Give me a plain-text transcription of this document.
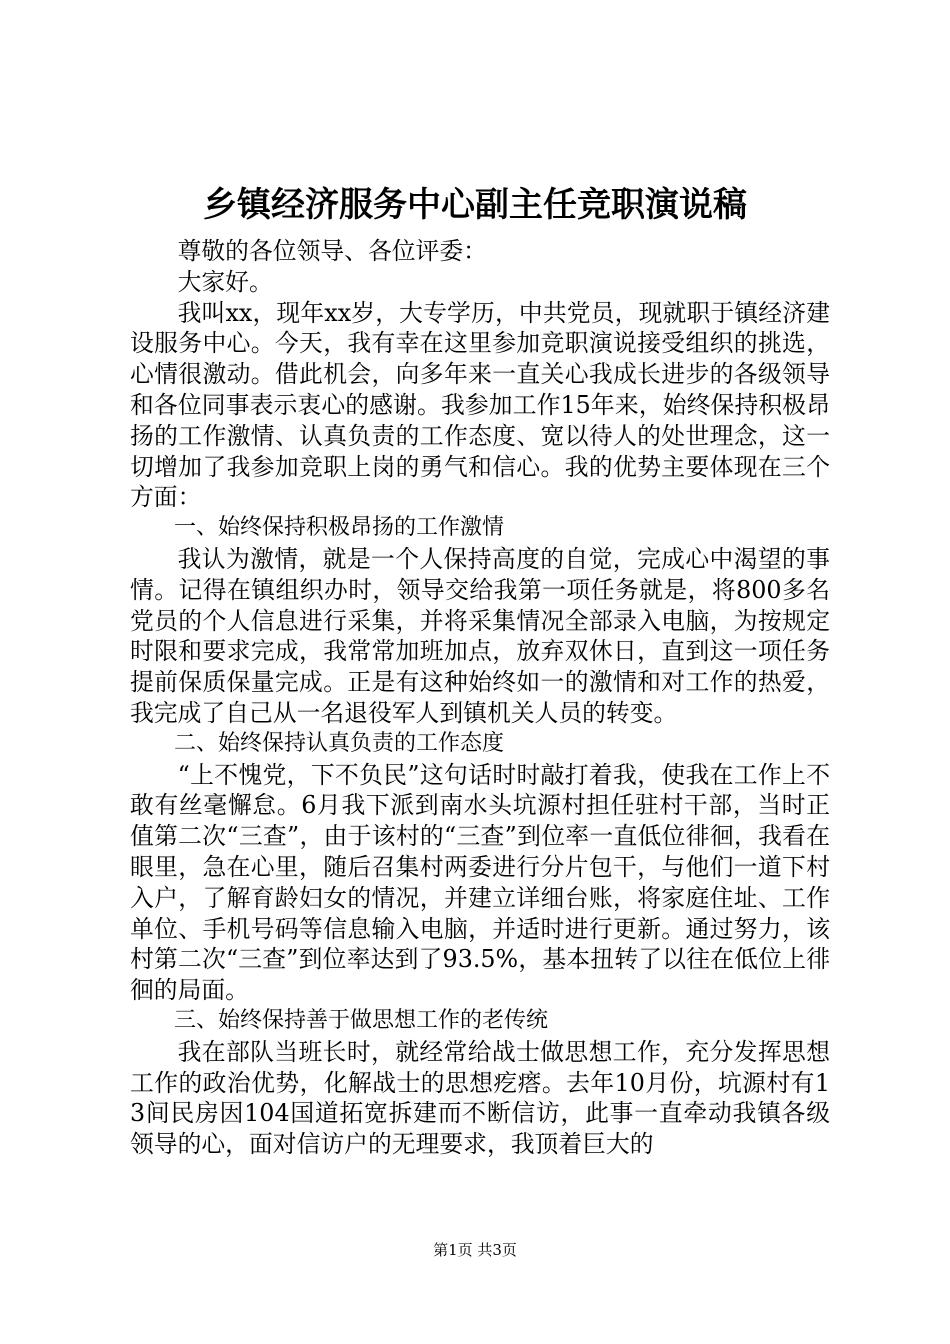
乡镇经济服务中心副主任竞职演说稿

尊敬的各位领导、各位评委：

大家好。

我叫xx，现年xx岁，大专学历，中共党员，现就职于镇经济建设服务中心。今天，我有幸在这里参加竞职演说接受组织的挑选，心情很激动。借此机会，向多年来一直关心我成长进步的各级领导和各位同事表示衷心的感谢。我参加工作15年来，始终保持积极昂扬的工作激情、认真负责的工作态度、宽以待人的处世理念，这一切增加了我参加竞职上岗的勇气和信心。我的优势主要体现在三个方面：

一、始终保持积极昂扬的工作激情

我认为激情，就是一个人保持高度的自觉，完成心中渴望的事情。记得在镇组织办时，领导交给我第一项任务就是，将800多名党员的个人信息进行采集，并将采集情况全部录入电脑，为按规定时限和要求完成，我常常加班加点，放弃双休日，直到这一项任务提前保质保量完成。正是有这种始终如一的激情和对工作的热爱，我完成了自己从一名退役军人到镇机关人员的转变。

二、始终保持认真负责的工作态度

“上不愧党，下不负民”这句话时时敲打着我，使我在工作上不敢有丝毫懈怠。6月我下派到南水头坑源村担任驻村干部，当时正值第二次“三查”，由于该村的“三查”到位率一直低位徘徊，我看在眼里，急在心里，随后召集村两委进行分片包干，与他们一道下村入户，了解育龄妇女的情况，并建立详细台账，将家庭住址、工作单位、手机号码等信息输入电脑，并适时进行更新。通过努力，该村第二次“三查”到位率达到了93.5%，基本扭转了以往在低位上徘徊的局面。

三、始终保持善于做思想工作的老传统

我在部队当班长时，就经常给战士做思想工作，充分发挥思想工作的政治优势，化解战士的思想疙瘩。去年10月份，坑源村有13间民房因104国道拓宽拆建而不断信访，此事一直牵动我镇各级领导的心，面对信访户的无理要求，我顶着巨大的

第1页 共3页
